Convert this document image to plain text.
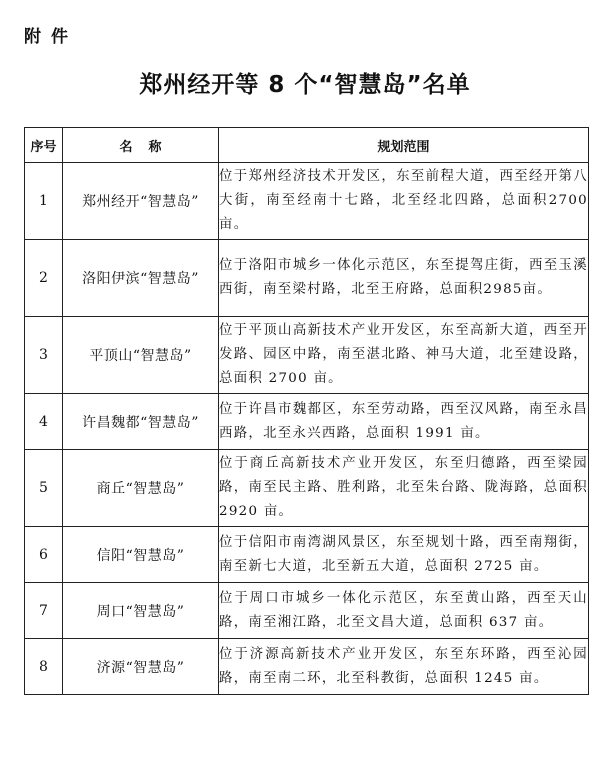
附件
郑州经开等 8 个“智慧岛”名单
序号	名称	规划范围
1	郑州经开“智慧岛”	位于郑州经济技术开发区，东至前程大道，西至经开第八大街，南至经南十七路，北至经北四路，总面积2700亩。
2	洛阳伊滨“智慧岛”	位于洛阳市城乡一体化示范区，东至提驾庄街，西至玉溪西街，南至梁村路，北至王府路，总面积2985亩。
3	平顶山“智慧岛”	位于平顶山高新技术产业开发区，东至高新大道，西至开发路、园区中路，南至湛北路、神马大道，北至建设路，总面积 2700 亩。
4	许昌魏都“智慧岛”	位于许昌市魏都区，东至劳动路，西至汉风路，南至永昌西路，北至永兴西路，总面积 1991 亩。
5	商丘“智慧岛”	位于商丘高新技术产业开发区，东至归德路，西至梁园路，南至民主路、胜利路，北至朱台路、陇海路，总面积 2920 亩。
6	信阳“智慧岛”	位于信阳市南湾湖风景区，东至规划十路，西至南翔街，南至新七大道，北至新五大道，总面积 2725 亩。
7	周口“智慧岛”	位于周口市城乡一体化示范区，东至黄山路，西至天山路，南至湘江路，北至文昌大道，总面积 637 亩。
8	济源“智慧岛”	位于济源高新技术产业开发区，东至东环路，西至沁园路，南至南二环，北至科教街，总面积 1245 亩。
